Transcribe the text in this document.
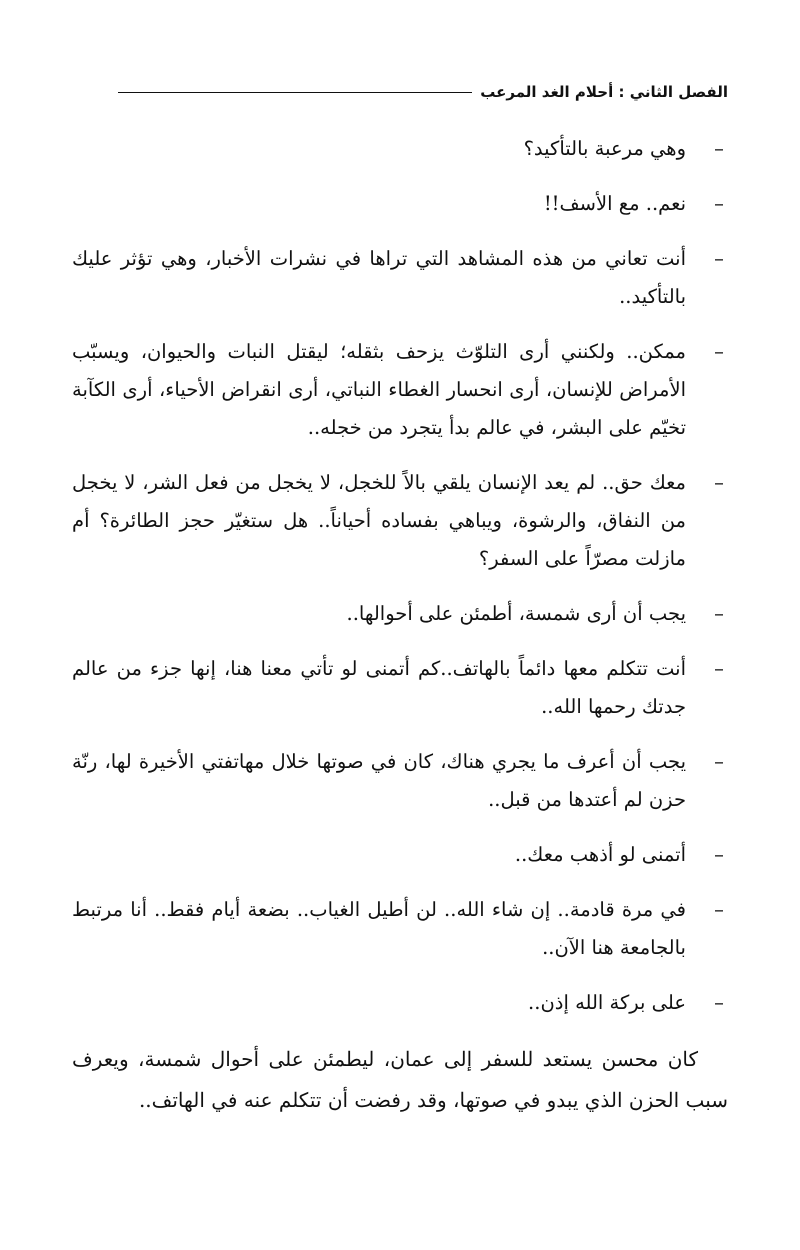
الفصل الثاني : أحلام الغد المرعب
–
وهي مرعبة بالتأكيد؟
–
نعم.. مع الأسف!!
–
أنت تعاني من هذه المشاهد التي تراها في نشرات الأخبار، وهي تؤثر عليك بالتأكيد..
–
ممكن.. ولكنني أرى التلوّث يزحف بثقله؛ ليقتل النبات والحيوان، ويسبّب الأمراض للإنسان، أرى انحسار الغطاء النباتي، أرى انقراض الأحياء، أرى الكآبة تخيّم على البشر، في عالم بدأ يتجرد من خجله..
–
معك حق.. لم يعد الإنسان يلقي بالاً للخجل، لا يخجل من فعل الشر، لا يخجل من النفاق، والرشوة، ويباهي بفساده أحياناً.. هل ستغيّر حجز الطائرة؟ أم مازلت مصرّاً على السفر؟
–
يجب أن أرى شمسة، أطمئن على أحوالها..
–
أنت تتكلم معها دائماً بالهاتف..كم أتمنى لو تأتي معنا هنا، إنها جزء من عالم جدتك رحمها الله..
–
يجب أن أعرف ما يجري هناك، كان في صوتها خلال مهاتفتي الأخيرة لها، رنّة حزن لم أعتدها من قبل..
–
أتمنى لو أذهب معك..
–
في مرة قادمة.. إن شاء الله.. لن أطيل الغياب.. بضعة أيام فقط.. أنا مرتبط بالجامعة هنا الآن..
–
على بركة الله إذن..

كان محسن يستعد للسفر إلى عمان، ليطمئن على أحوال شمسة، ويعرف سبب الحزن الذي يبدو في صوتها، وقد رفضت أن تتكلم عنه في الهاتف..
